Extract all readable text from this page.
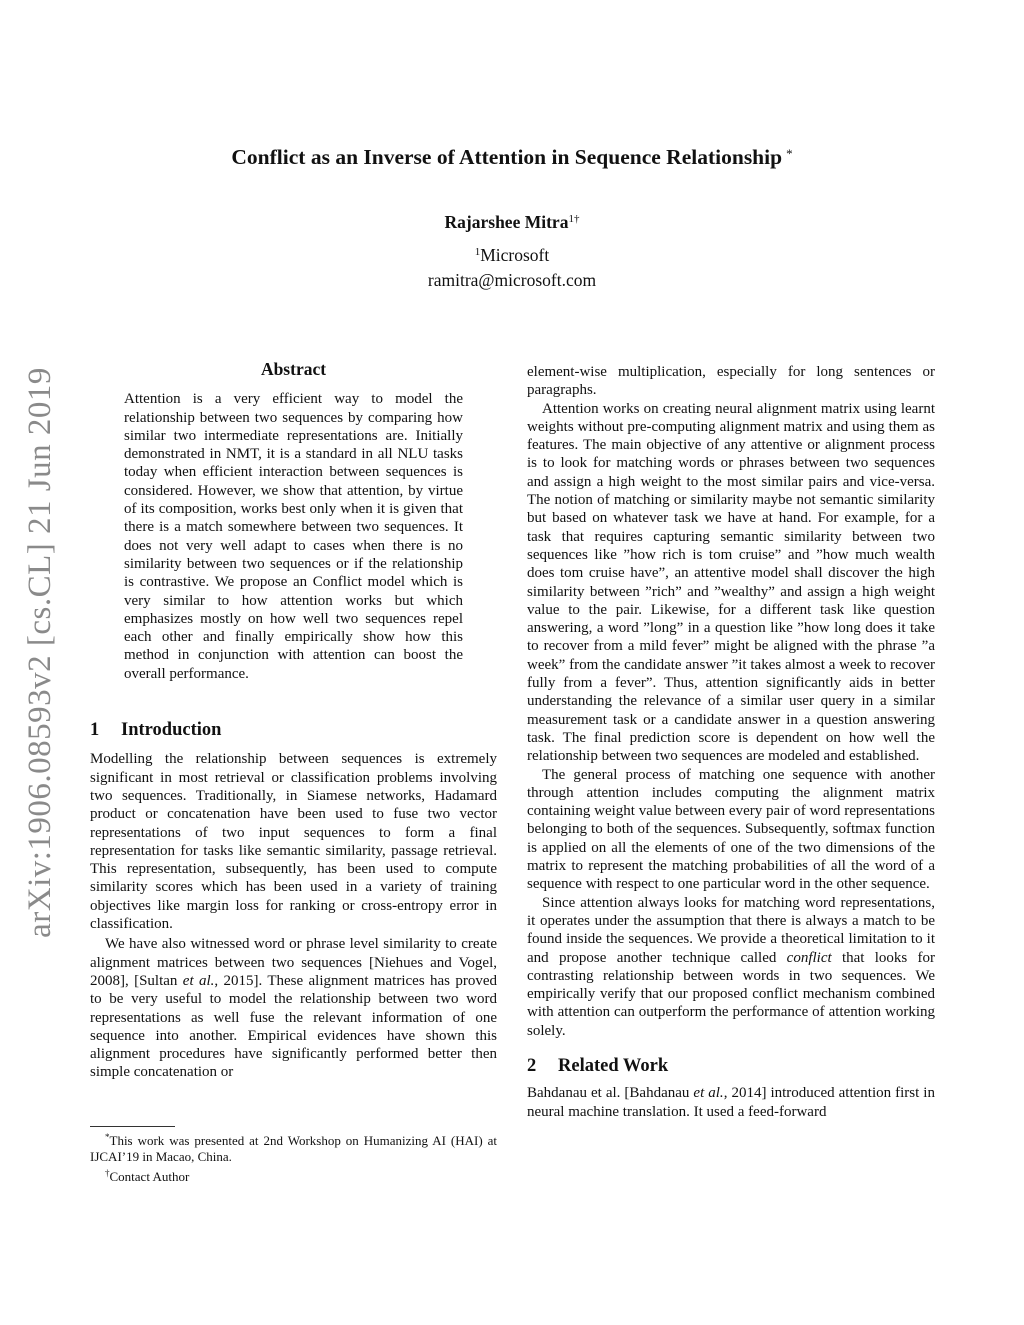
arXiv:1906.08593v2 [cs.CL] 21 Jun 2019
Conflict as an Inverse of Attention in Sequence Relationship *
Rajarshee Mitra$^{1\dagger}$
$^1$Microsoft
ramitra@microsoft.com
Abstract

Attention is a very efficient way to model the relationship between two sequences by comparing how similar two intermediate representations are. Initially demonstrated in NMT, it is a standard in all NLU tasks today when efficient interaction between sequences is considered. However, we show that attention, by virtue of its composition, works best only when it is given that there is a match somewhere between two sequences. It does not very well adapt to cases when there is no similarity between two sequences or if the relationship is contrastive. We propose an Conflict model which is very similar to how attention works but which emphasizes mostly on how well two sequences repel each other and finally empirically show how this method in conjunction with attention can boost the overall performance.

1 Introduction

Modelling the relationship between sequences is extremely significant in most retrieval or classification problems involving two sequences. Traditionally, in Siamese networks, Hadamard product or concatenation have been used to fuse two vector representations of two input sequences to form a final representation for tasks like semantic similarity, passage retrieval. This representation, subsequently, has been used to compute similarity scores which has been used in a variety of training objectives like margin loss for ranking or cross-entropy error in classification.

We have also witnessed word or phrase level similarity to create alignment matrices between two sequences [Niehues and Vogel, 2008], [Sultan et al., 2015]. These alignment matrices has proved to be very useful to model the relationship between two word representations as well fuse the relevant information of one sequence into another. Empirical evidences have shown this alignment procedures have significantly performed better then simple concatenation or

*This work was presented at 2nd Workshop on Humanizing AI (HAI) at IJCAI’19 in Macao, China.

†Contact Author

element-wise multiplication, especially for long sentences or paragraphs.

Attention works on creating neural alignment matrix using learnt weights without pre-computing alignment matrix and using them as features. The main objective of any attentive or alignment process is to look for matching words or phrases between two sequences and assign a high weight to the most similar pairs and vice-versa. The notion of matching or similarity maybe not semantic similarity but based on whatever task we have at hand. For example, for a task that requires capturing semantic similarity between two sequences like ”how rich is tom cruise” and ”how much wealth does tom cruise have”, an attentive model shall discover the high similarity between ”rich” and ”wealthy” and assign a high weight value to the pair. Likewise, for a different task like question answering, a word ”long” in a question like ”how long does it take to recover from a mild fever” might be aligned with the phrase ”a week” from the candidate answer ”it takes almost a week to recover fully from a fever”. Thus, attention significantly aids in better understanding the relevance of a similar user query in a similar measurement task or a candidate answer in a question answering task. The final prediction score is dependent on how well the relationship between two sequences are modeled and established.

The general process of matching one sequence with another through attention includes computing the alignment matrix containing weight value between every pair of word representations belonging to both of the sequences. Subsequently, softmax function is applied on all the elements of one of the two dimensions of the matrix to represent the matching probabilities of all the word of a sequence with respect to one particular word in the other sequence.

Since attention always looks for matching word representations, it operates under the assumption that there is always a match to be found inside the sequences. We provide a theoretical limitation to it and propose another technique called conflict that looks for contrasting relationship between words in two sequences. We empirically verify that our proposed conflict mechanism combined with attention can outperform the performance of attention working solely.

2 Related Work

Bahdanau et al. [Bahdanau et al., 2014] introduced attention first in neural machine translation. It used a feed-forward
